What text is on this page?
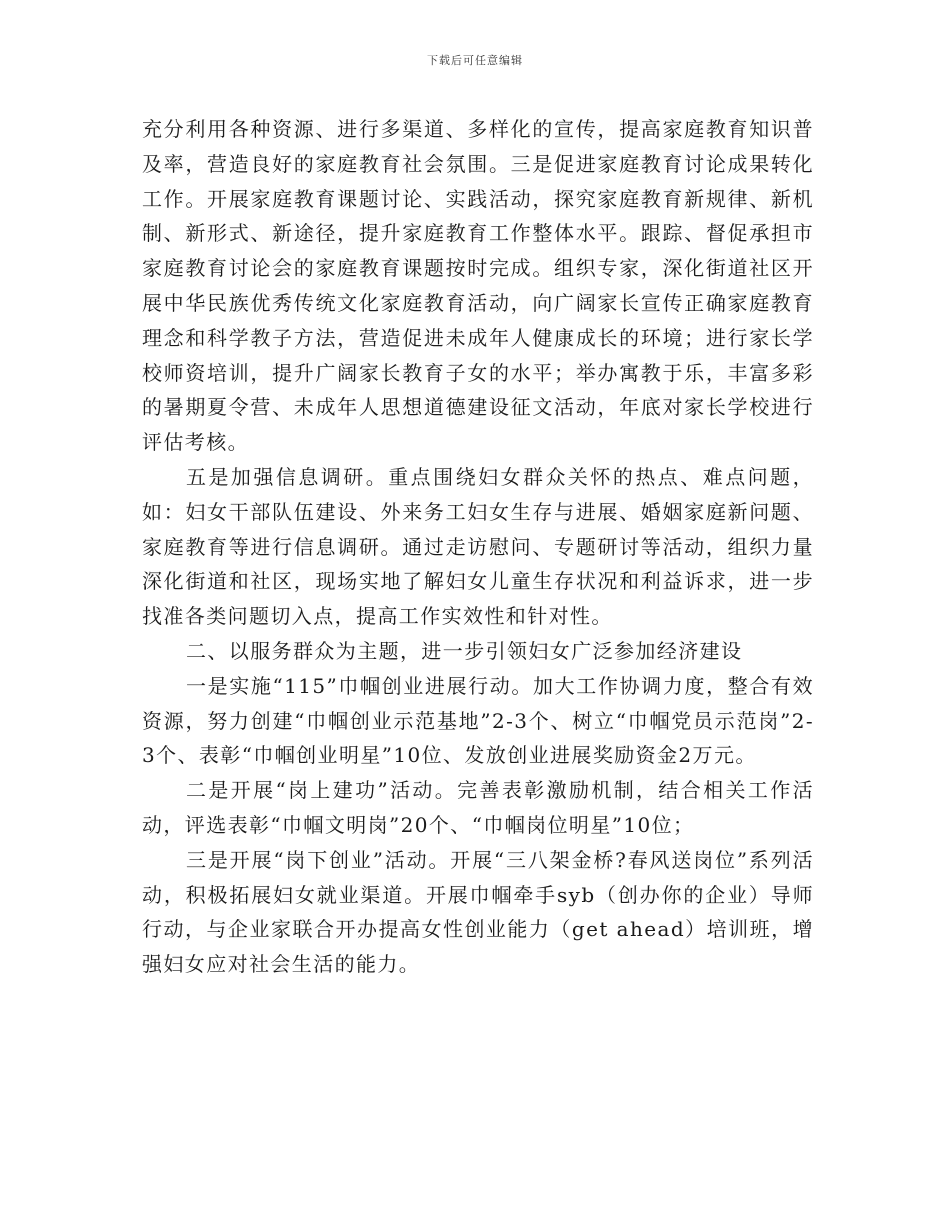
下载后可任意编辑

充分利用各种资源、进行多渠道、多样化的宣传，提高家庭教育知识普及率，营造良好的家庭教育社会氛围。三是促进家庭教育讨论成果转化工作。开展家庭教育课题讨论、实践活动，探究家庭教育新规律、新机制、新形式、新途径，提升家庭教育工作整体水平。跟踪、督促承担市家庭教育讨论会的家庭教育课题按时完成。组织专家，深化街道社区开展中华民族优秀传统文化家庭教育活动，向广阔家长宣传正确家庭教育理念和科学教子方法，营造促进未成年人健康成长的环境；进行家长学校师资培训，提升广阔家长教育子女的水平；举办寓教于乐，丰富多彩的暑期夏令营、未成年人思想道德建设征文活动，年底对家长学校进行评估考核。

五是加强信息调研。重点围绕妇女群众关怀的热点、难点问题，如：妇女干部队伍建设、外来务工妇女生存与进展、婚姻家庭新问题、家庭教育等进行信息调研。通过走访慰问、专题研讨等活动，组织力量深化街道和社区，现场实地了解妇女儿童生存状况和利益诉求，进一步找准各类问题切入点，提高工作实效性和针对性。

二、以服务群众为主题，进一步引领妇女广泛参加经济建设

一是实施“115”巾帼创业进展行动。加大工作协调力度，整合有效资源，努力创建“巾帼创业示范基地”2-3个、树立“巾帼党员示范岗”2-3个、表彰“巾帼创业明星”10位、发放创业进展奖励资金2万元。

二是开展“岗上建功”活动。完善表彰激励机制，结合相关工作活动，评选表彰“巾帼文明岗”20个、“巾帼岗位明星”10位；

三是开展“岗下创业”活动。开展“三八架金桥?春风送岗位”系列活动，积极拓展妇女就业渠道。开展巾帼牵手syb（创办你的企业）导师行动，与企业家联合开办提高女性创业能力（get ahead）培训班，增强妇女应对社会生活的能力。
